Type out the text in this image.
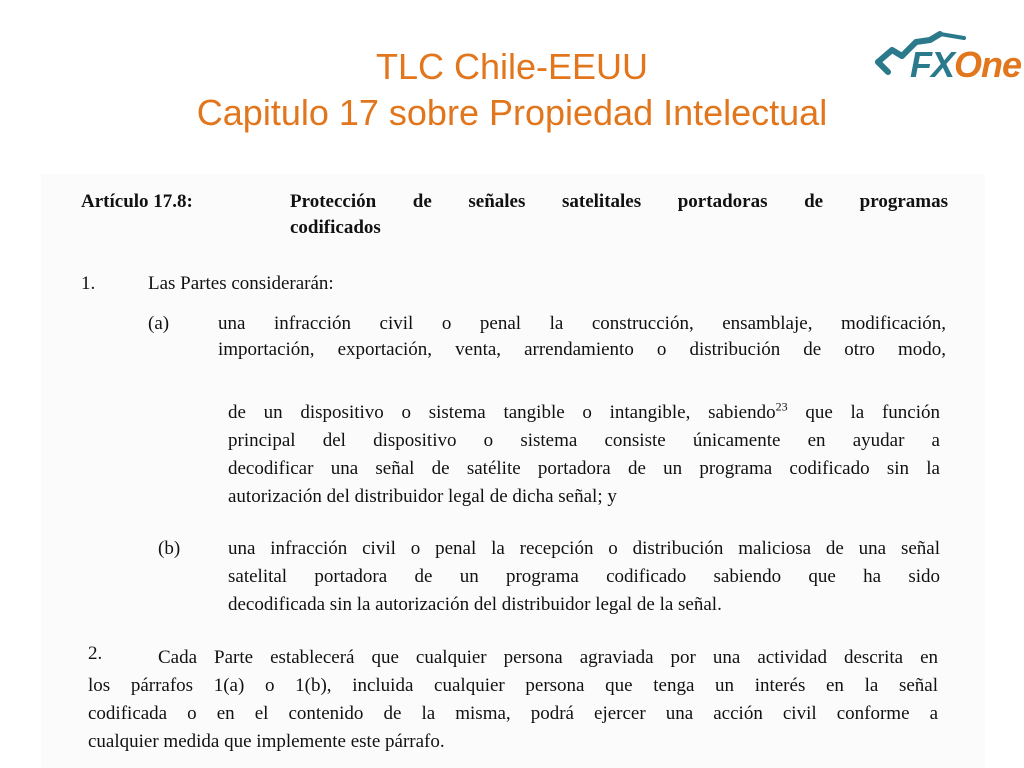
TLC Chile-EEUU
Capitulo 17 sobre Propiedad Intelectual
FXOne
Artículo 17.8:	Protección de señales satelitales portadoras de programas
codificados
1.	Las Partes considerarán:
(a)	una infracción civil o penal la construcción, ensamblaje, modificación,
importación, exportación, venta, arrendamiento o distribución de otro modo,
de un dispositivo o sistema tangible o intangible, sabiendo$^{23}$ que la función
principal del dispositivo o sistema consiste únicamente en ayudar a
decodificar una señal de satélite portadora de un programa codificado sin la
autorización del distribuidor legal de dicha señal; y
(b)	una infracción civil o penal la recepción o distribución maliciosa de una señal
satelital portadora de un programa codificado sabiendo que ha sido
decodificada sin la autorización del distribuidor legal de la señal.
2.	Cada Parte establecerá que cualquier persona agraviada por una actividad descrita en
los párrafos 1(a) o 1(b), incluida cualquier persona que tenga un interés en la señal
codificada o en el contenido de la misma, podrá ejercer una acción civil conforme a
cualquier medida que implemente este párrafo.
